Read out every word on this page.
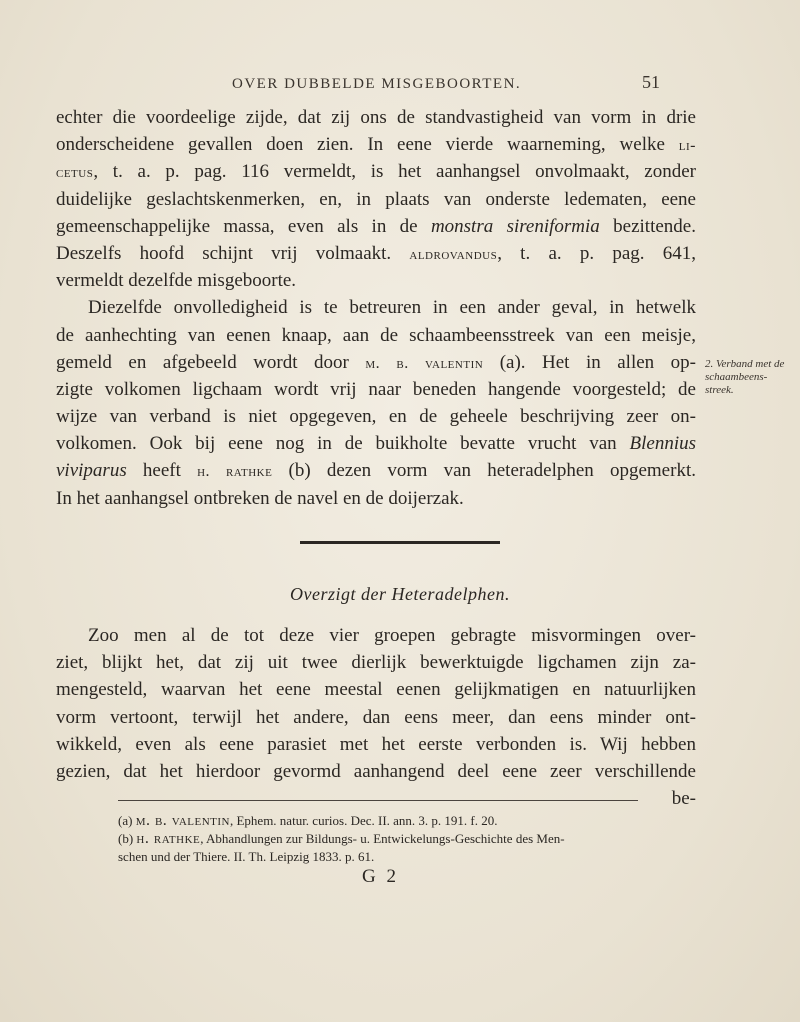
OVER DUBBELDE MISGEBOORTEN.	51
echter die voordeelige zijde, dat zij ons de standvastigheid van vorm in drie
onderscheidene gevallen doen zien. In eene vierde waarneming, welke li-
cetus, t. a. p. pag. 116 vermeldt, is het aanhangsel onvolmaakt, zonder
duidelijke geslachtskenmerken, en, in plaats van onderste ledematen, eene
gemeenschappelijke massa, even als in de monstra sireniformia bezittende.
Deszelfs hoofd schijnt vrij volmaakt. aldrovandus, t. a. p. pag. 641,
vermeldt dezelfde misgeboorte.
Diezelfde onvolledigheid is te betreuren in een ander geval, in hetwelk
de aanhechting van eenen knaap, aan de schaambeensstreek van een meisje,
gemeld en afgebeeld wordt door m. b. valentin (a). Het in allen op-
zigte volkomen ligchaam wordt vrij naar beneden hangende voorgesteld; de
wijze van verband is niet opgegeven, en de geheele beschrijving zeer on-
volkomen. Ook bij eene nog in de buikholte bevatte vrucht van Blennius
viviparus heeft h. rathke (b) dezen vorm van heteradelphen opgemerkt.
In het aanhangsel ontbreken de navel en de doijerzak.
2. Verband met de schaambeens-streek.
Overzigt der Heteradelphen.
Zoo men al de tot deze vier groepen gebragte misvormingen over-
ziet, blijkt het, dat zij uit twee dierlijk bewerktuigde ligchamen zijn za-
mengesteld, waarvan het eene meestal eenen gelijkmatigen en natuurlijken
vorm vertoont, terwijl het andere, dan eens meer, dan eens minder ont-
wikkeld, even als eene parasiet met het eerste verbonden is. Wij hebben
gezien, dat het hierdoor gevormd aanhangend deel eene zeer verschillende
be-
(a) m. b. valentin, Ephem. natur. curios. Dec. II. ann. 3. p. 191. f. 20.
(b) h. rathke, Abhandlungen zur Bildungs- u. Entwickelungs-Geschichte des Men-
schen und der Thiere. II. Th. Leipzig 1833. p. 61.
G 2
